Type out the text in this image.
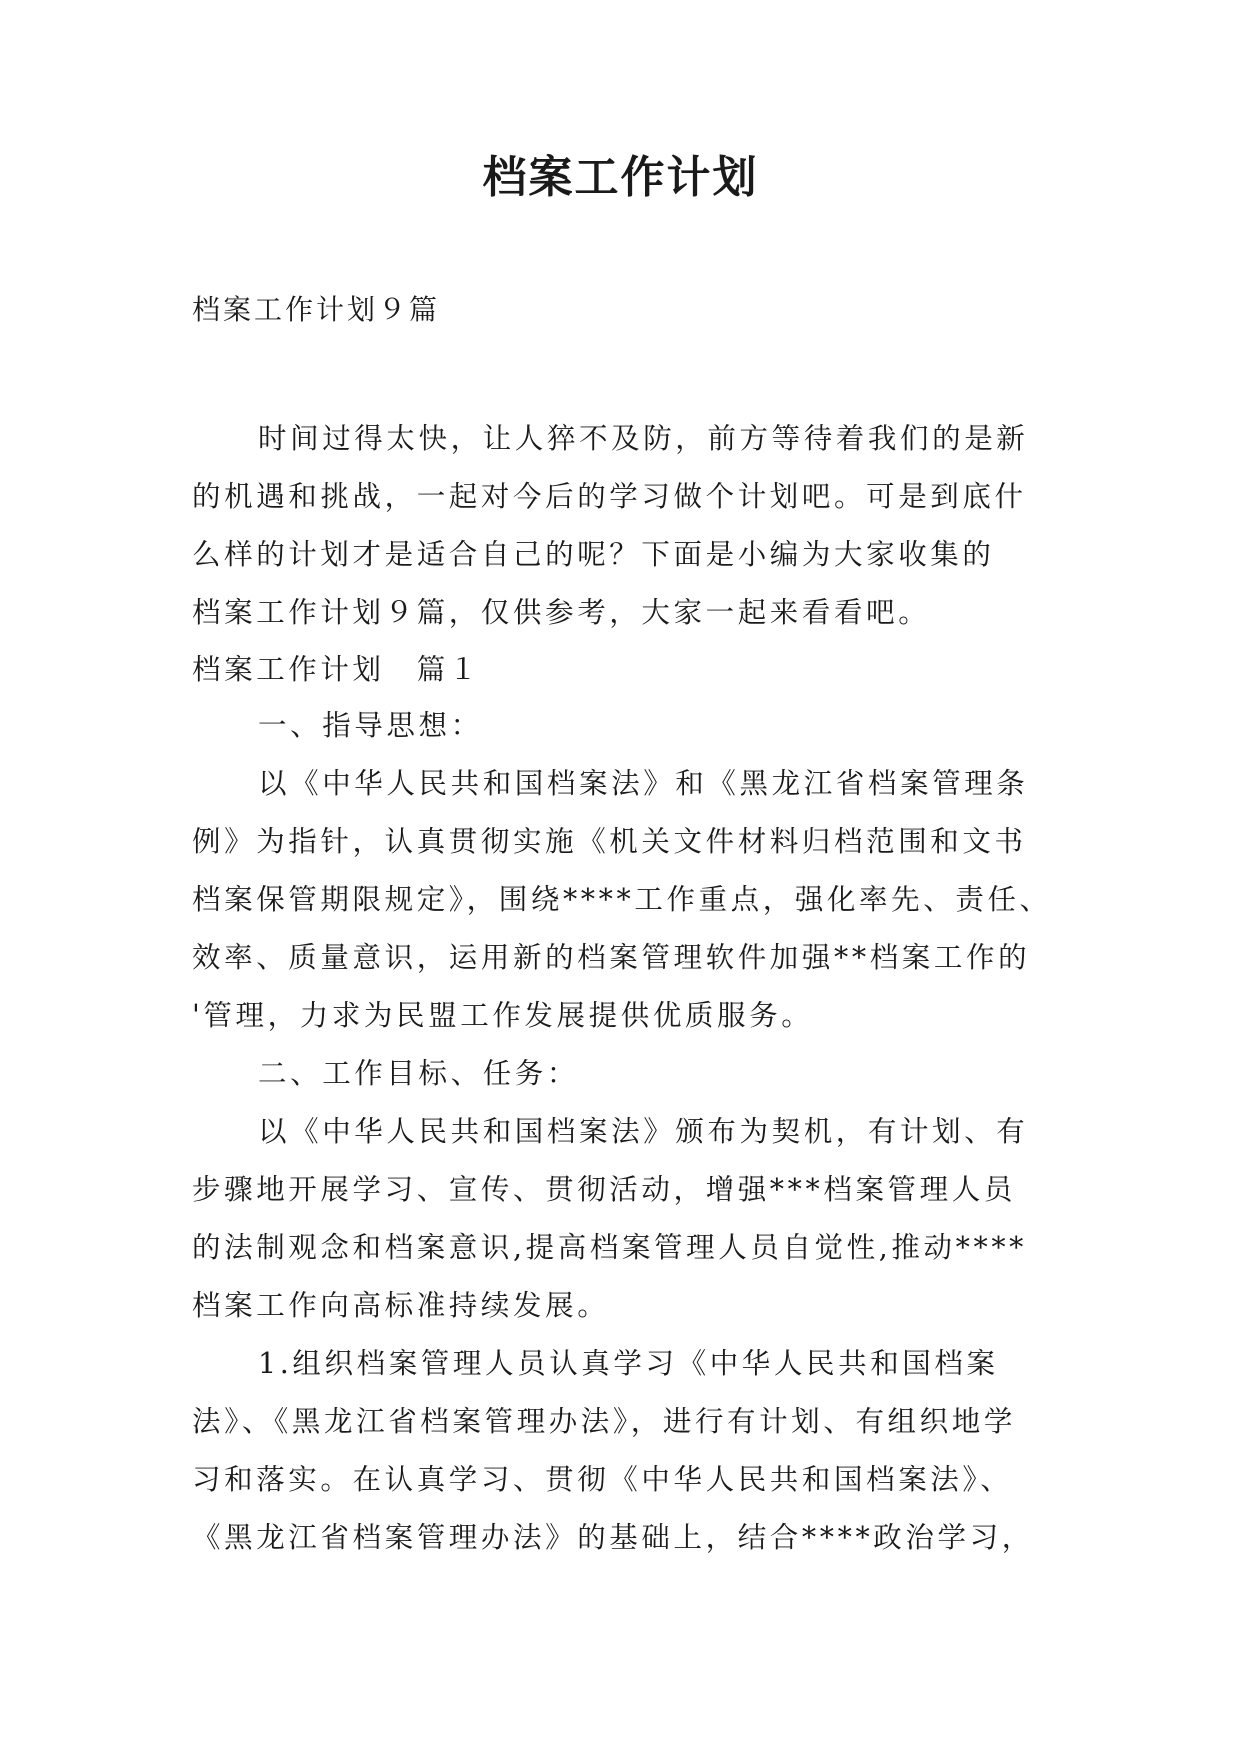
档案工作计划
档案工作计划９篇
时间过得太快，让人猝不及防，前方等待着我们的是新
的机遇和挑战，一起对今后的学习做个计划吧。可是到底什
么样的计划才是适合自己的呢？下面是小编为大家收集的
档案工作计划９篇，仅供参考，大家一起来看看吧。
档案工作计划　篇１
一、指导思想：
以《中华人民共和国档案法》和《黑龙江省档案管理条
例》为指针，认真贯彻实施《机关文件材料归档范围和文书
档案保管期限规定》，围绕****工作重点，强化率先、责任、
效率、质量意识，运用新的档案管理软件加强**档案工作的
'管理，力求为民盟工作发展提供优质服务。
二、工作目标、任务：
以《中华人民共和国档案法》颁布为契机，有计划、有
步骤地开展学习、宣传、贯彻活动，增强***档案管理人员
的法制观念和档案意识,提高档案管理人员自觉性,推动****
档案工作向高标准持续发展。
1.组织档案管理人员认真学习《中华人民共和国档案
法》、《黑龙江省档案管理办法》，进行有计划、有组织地学
习和落实。在认真学习、贯彻《中华人民共和国档案法》、
《黑龙江省档案管理办法》的基础上，结合****政治学习，
